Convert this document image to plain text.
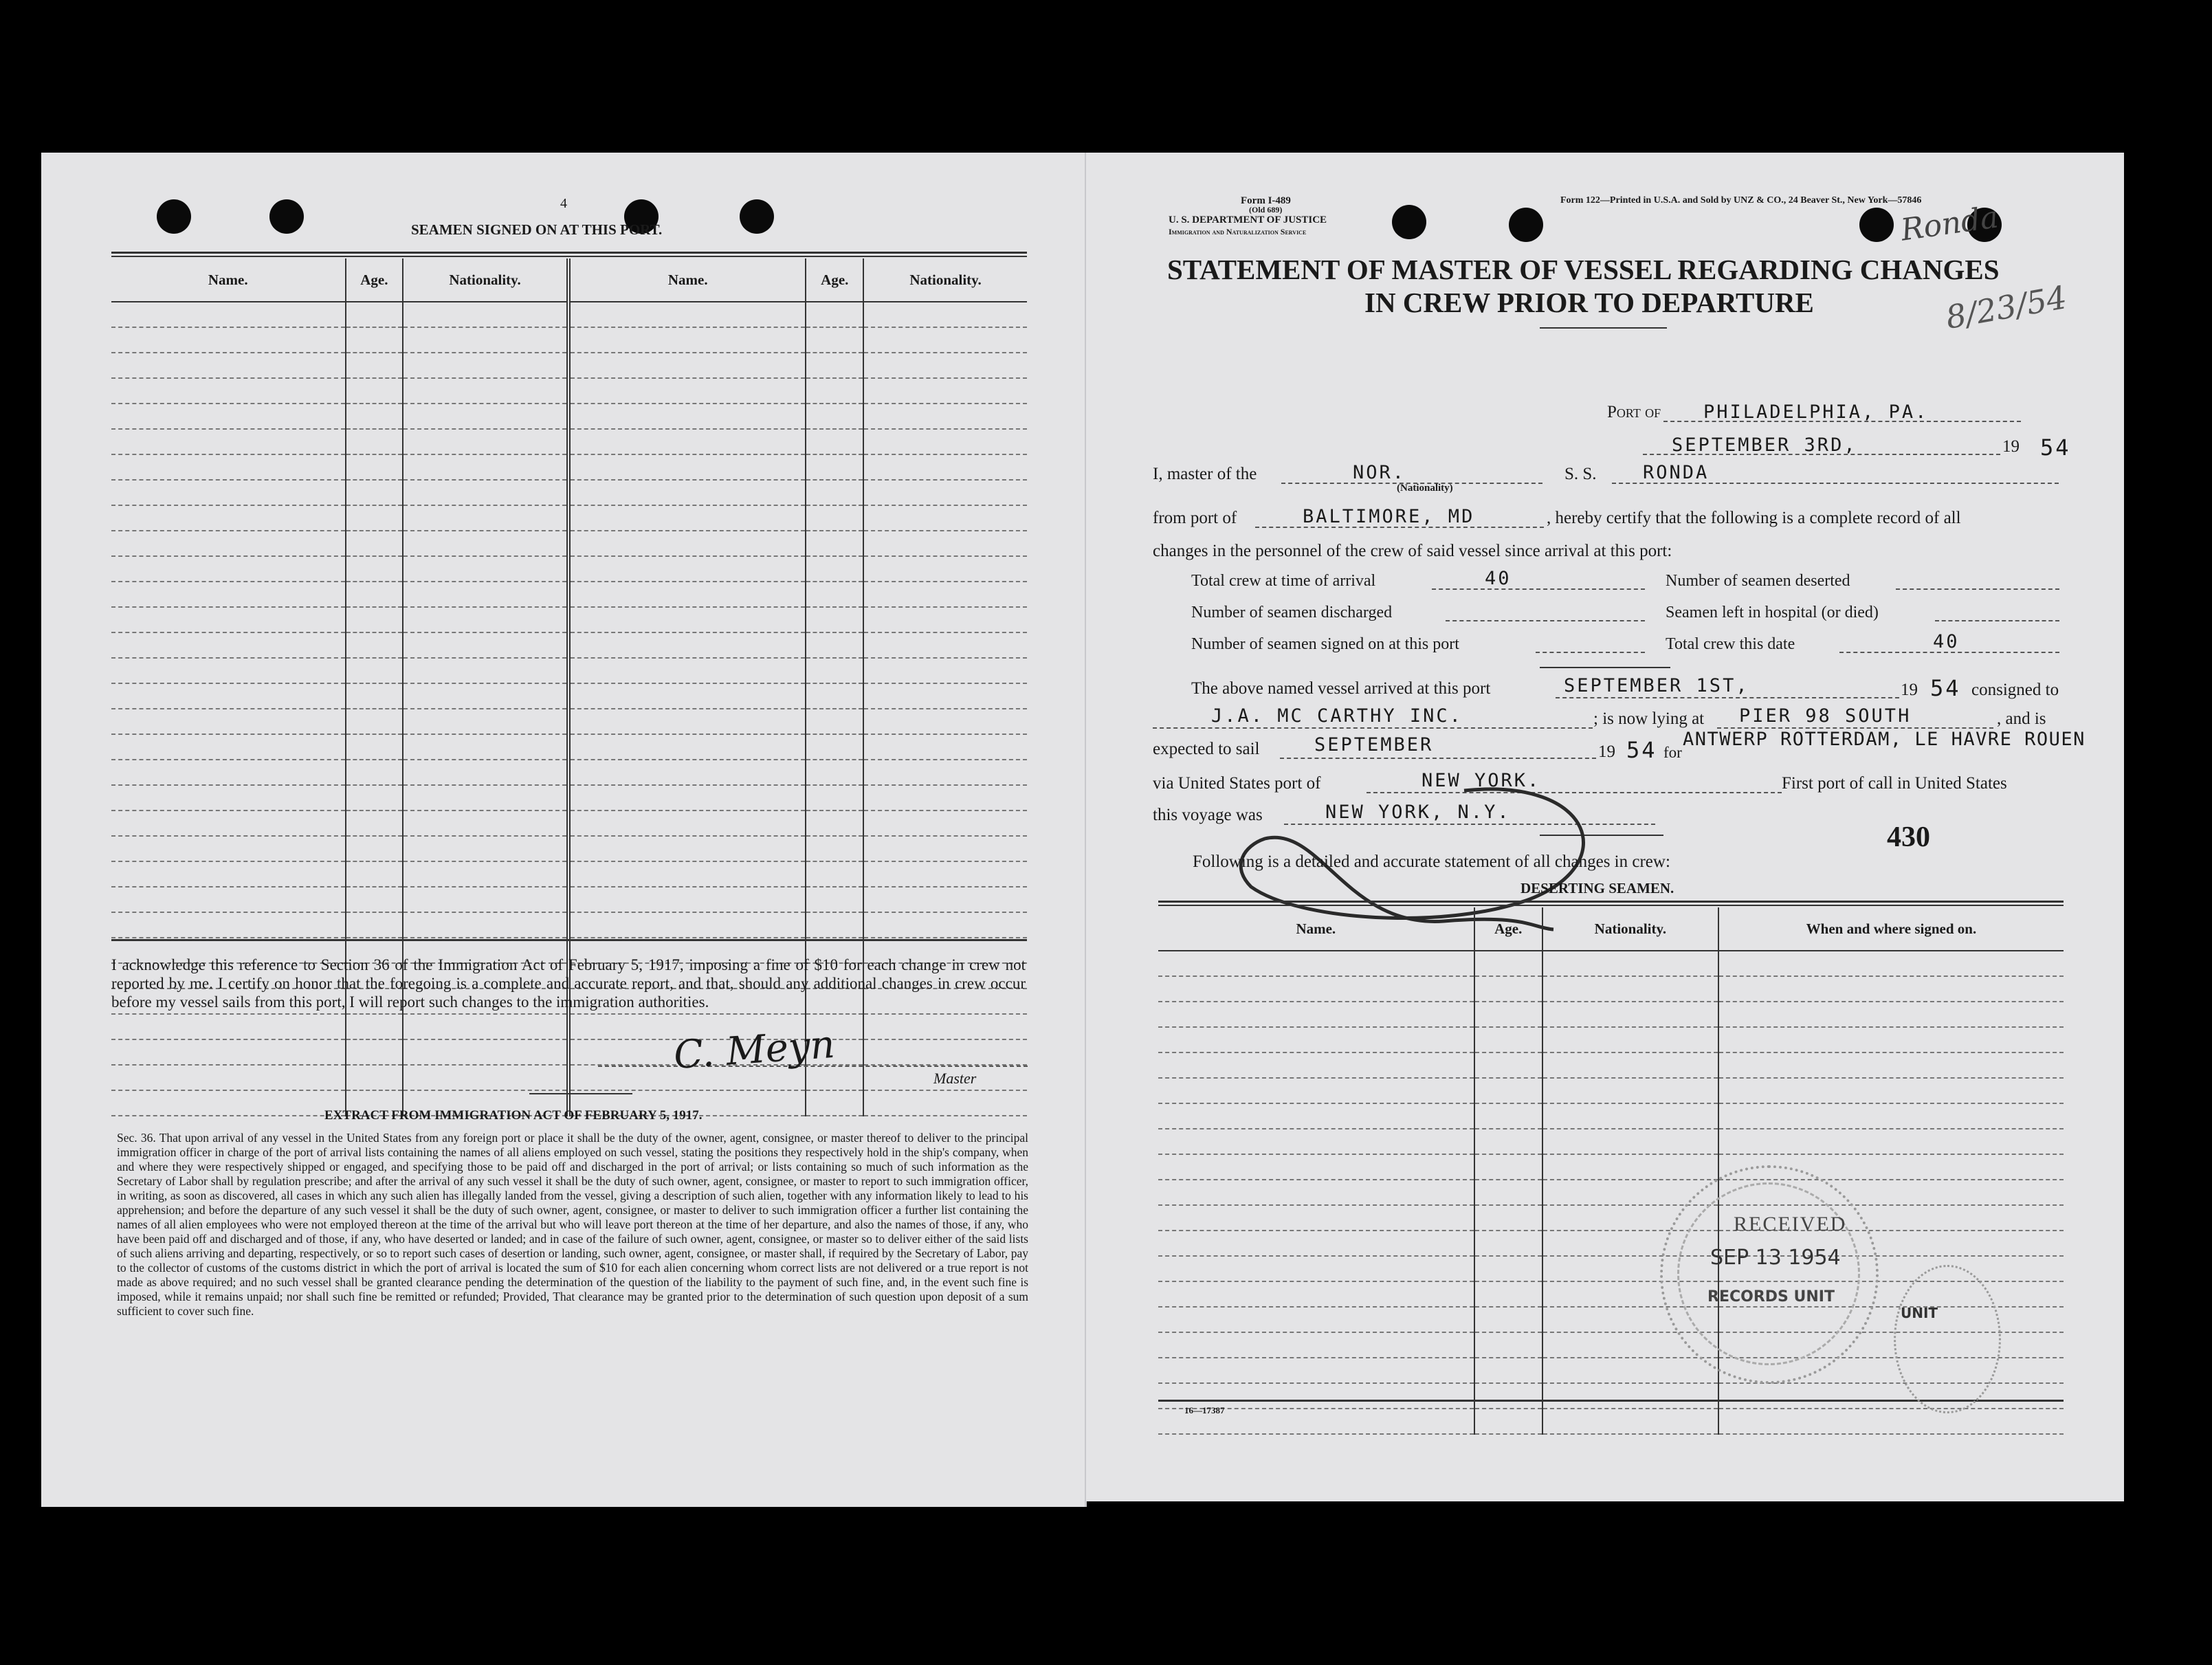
4
SEAMEN SIGNED ON AT THIS PORT.
Name.	Age.	Nationality.	Name.	Age.	Nationality.

I acknowledge this reference to Section 36 of the Immigration Act of February 5, 1917, imposing a fine of $10 for each change in crew not reported by me. I certify on honor that the foregoing is a complete and accurate report, and that, should any additional changes in crew occur before my vessel sails from this port, I will report such changes to the immigration authorities.
C. Meyn
Master
EXTRACT FROM IMMIGRATION ACT OF FEBRUARY 5, 1917.
Sec. 36. That upon arrival of any vessel in the United States from any foreign port or place it shall be the duty of the owner, agent, consignee, or master thereof to deliver to the principal immigration officer in charge of the port of arrival lists containing the names of all aliens employed on such vessel, stating the positions they respectively hold in the ship's company, when and where they were respectively shipped or engaged, and specifying those to be paid off and discharged in the port of arrival; or lists containing so much of such information as the Secretary of Labor shall by regulation prescribe; and after the arrival of any such vessel it shall be the duty of such owner, agent, consignee, or master to report to such immigration officer, in writing, as soon as discovered, all cases in which any such alien has illegally landed from the vessel, giving a description of such alien, together with any information likely to lead to his apprehension; and before the departure of any such vessel it shall be the duty of such owner, agent, consignee, or master to deliver to such immigration officer a further list containing the names of all alien employees who were not employed thereon at the time of the arrival but who will leave port thereon at the time of her departure, and also the names of those, if any, who have been paid off and discharged and of those, if any, who have deserted or landed; and in case of the failure of such owner, agent, consignee, or master so to deliver either of the said lists of such aliens arriving and departing, respectively, or so to report such cases of desertion or landing, such owner, agent, consignee, or master shall, if required by the Secretary of Labor, pay to the collector of customs of the customs district in which the port of arrival is located the sum of $10 for each alien concerning whom correct lists are not delivered or a true report is not made as above required; and no such vessel shall be granted clearance pending the determination of the question of the liability to the payment of such fine, and, in the event such fine is imposed, while it remains unpaid; nor shall such fine be remitted or refunded; Provided, That clearance may be granted prior to the determination of such question upon deposit of a sum sufficient to cover such fine.
Form I-489
(Old 689)
U. S. DEPARTMENT OF JUSTICE
Immigration and Naturalization Service
Form 122—Printed in U.S.A. and Sold by UNZ & CO., 24 Beaver St., New York—57846
Ronda
8/23/54
STATEMENT OF MASTER OF VESSEL REGARDING CHANGES
IN CREW PRIOR TO DEPARTURE
Port of PHILADELPHIA, PA.
SEPTEMBER 3RD,	19 54
I, master of the	NOR.
(Nationality)
S. S. RONDA
from port of	BALTIMORE, MD	, hereby certify that the following is a complete record of all
changes in the personnel of the crew of said vessel since arrival at this port:
Total crew at time of arrival	40	Number of seamen deserted
Number of seamen discharged	Seamen left in hospital (or died)
Number of seamen signed on at this port	Total crew this date	40
The above named vessel arrived at this port	SEPTEMBER 1ST,	19 54 consigned to
J.A. MC CARTHY INC.	; is now lying at PIER 98 SOUTH	, and is
expected to sail	SEPTEMBER	19 54 for
ANTWERP ROTTERDAM, LE HAVRE ROUEN
via United States port of	NEW YORK.	First port of call in United States
this voyage was	NEW YORK, N.Y.
430
Following is a detailed and accurate statement of all changes in crew:
DESERTING SEAMEN.
Name.	Age.	Nationality.	When and where signed on.

RECEIVED
SEP 13 1954
RECORDS UNIT
UNIT
16—17387
